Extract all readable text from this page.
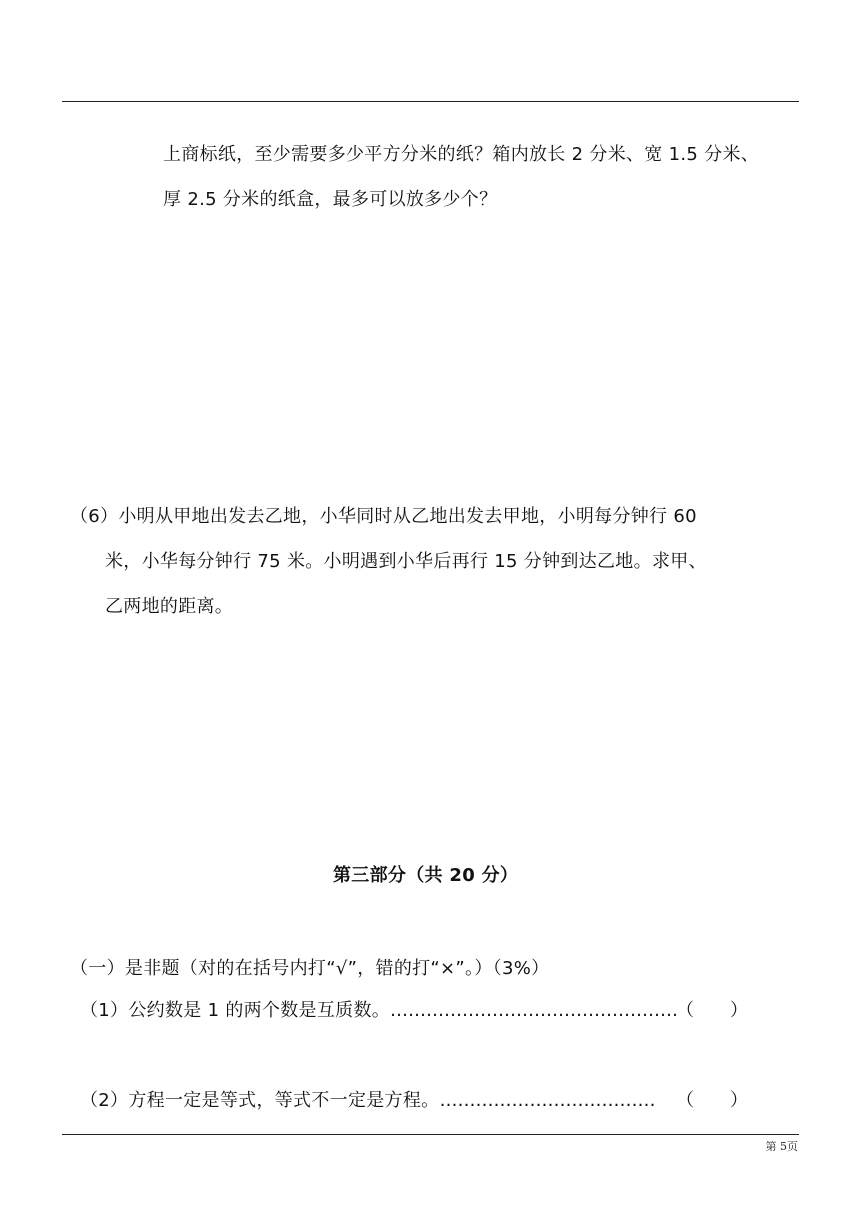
上商标纸，至少需要多少平方分米的纸？箱内放长 2 分米、宽 1.5 分米、
厚 2.5 分米的纸盒，最多可以放多少个？
（6）小明从甲地出发去乙地，小华同时从乙地出发去甲地，小明每分钟行 60
米，小华每分钟行 75 米。小明遇到小华后再行 15 分钟到达乙地。求甲、
乙两地的距离。
第三部分（共 20 分）
（一）是非题（对的在括号内打“√”，错的打“×”。）（3%）
（1）公约数是 1 的两个数是互质数。…………………………………………
（　　）
（2）方程一定是等式，等式不一定是方程。……………………………… （　　）
第 5页
